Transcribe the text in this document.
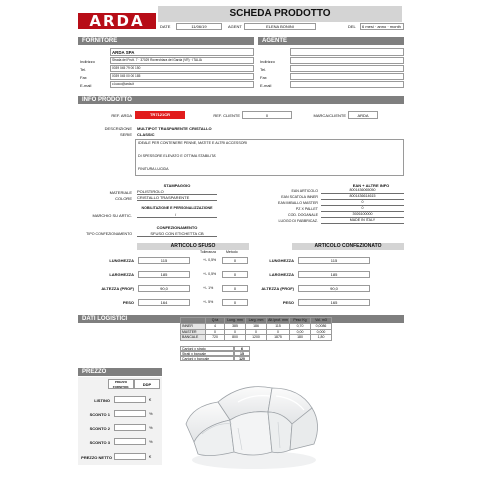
ARDA	SCHEDA PRODOTTO
DATE	11/06/19	AGENT	ELENA BONINI	DEL	6 mesi · anno · month
FORNITORE
ARDA SPA
Indirizzo	Strada del Frutt. 7 · 37029 Roverchiara del Garda (VR) · ITALIA
Tel.	0039 045 79 00 150
Fax	0039 045 00 00 185
E-mail	c.lucco@arda.it
AGENTE
Indirizzo
Tel.
Fax
E-mail
INFO PRODOTTO
REF. ARDA	TR7121CR	REF. CLIENTE	0	MARCA/CLIENTE	ARDA
DESCRIZIONE MULTIPOT TRASPARENTE CRISTALLO
SERIE CLASSIC
IDEALE PER CONTENERE PENNE, MATITE E ALTRI ACCESSORI
DI SPESSORE ELEVATO E OTTIMA STABILITA'
FINITURA LUCIDA
STAMPAGGIO
MATERIALE POLISTIROLO
COLORE CRISTALLO TRASPARENTE
NOBILITAZIONE E PERSONALIZZAZIONE
MARCHIO SU ARTIC.	/
CONFEZIONAMENTO
TIPO CONFEZIONAMENTO	SFUSO CON ETICHETTA CB
EAN + ALTRE INFO
EAN ARTICOLO	8001436065050
EAN SCATOLA INNER	8001436614615
EAN IMBALLO MASTER	0
PZ X PALLET	0
COD. DOGANALE	3926100000
LUOGO DI FABBRICAZ.	MADE IN ITALY
ARTICOLO SFUSO
Tolleranza	Metodo
LUNGHEZZA	115	+/- 0,5%	0
LARGHEZZA	185	+/- 0,5%	0
ALTEZZA (PROF)	90,0	+/- 1%	0
PESO	164	+/- 5%	0
ARTICOLO CONFEZIONATO
LUNGHEZZA	115
LARGHEZZA	185
ALTEZZA (PROF)	90,0
PESO	165
DATI LOGISTICI
		Q.tà	Lung. mm	Larg. mm	Alt./prof. mm	Peso Kg	Vol. m3
INNER	4	385	186	115	0,70	0,0086
MASTER	0	0	0	0	0,00	0,000
BANCALE	720	800	1200	1875	180	1,80
Cartoni x strato	6
Strati x bancale	15
Cartoni x bancale	120
PREZZO
PREZZO FORNITOR.	DDP
LISTINO	€
SCONTO 1	%
SCONTO 2	%
SCONTO 3	%
PREZZO NETTO	€
